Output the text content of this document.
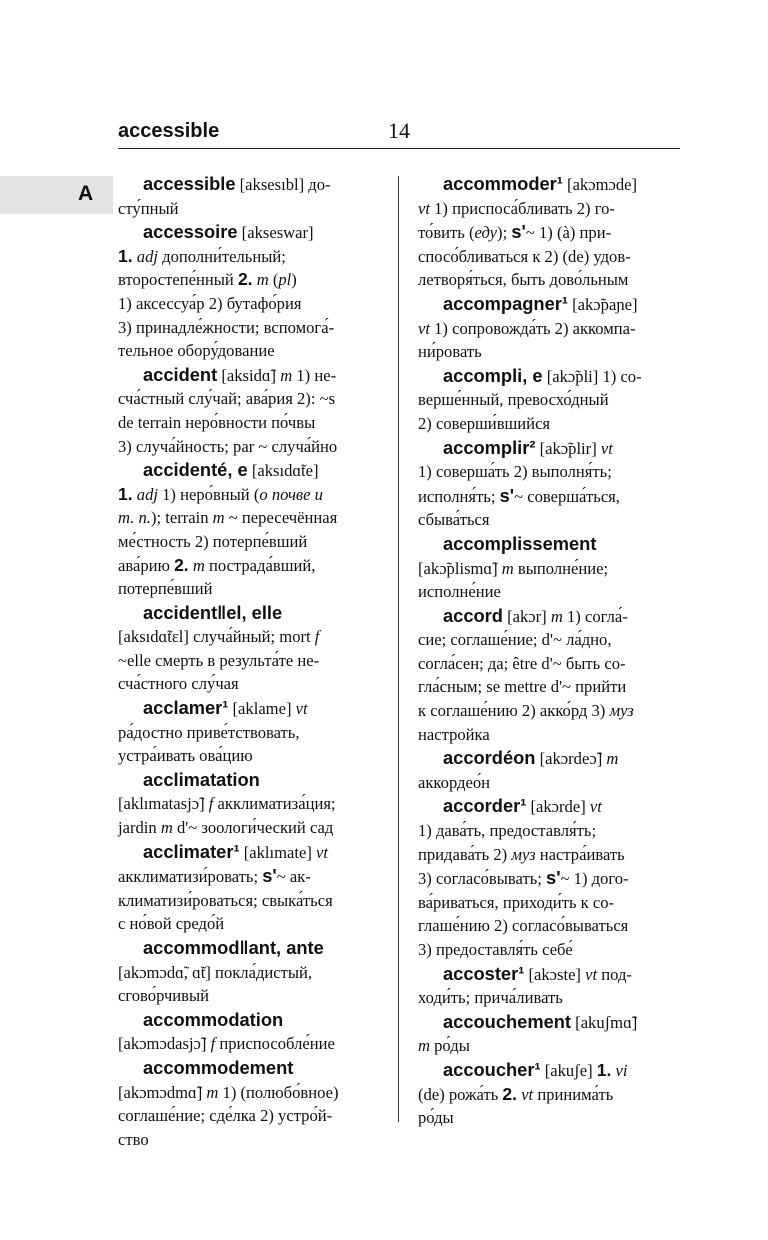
accessible	14
A	accessible [aksesıbl] до-
сту́пный
accessoire [akseswar]
1. adj дополни́тельный;
второстепе́нный 2. m (pl)
1) аксессуа́р 2) бутафо́рия
3) принадле́жности; вспомога́-
тельное обору́дование
accident [aksidɑ̃] m 1) не-
сча́стный слу́чай; ава́рия 2): ~s
de terrain неро́вности по́чвы
3) случа́йность; par ~ случа́йно
accidenté, e [aksıdɑ̃te]
1. adj 1) неро́вный (о почве и
т. п.); terrain m ~ пересечённая
ме́стность 2) потерпе́вший
ава́рию 2. m пострада́вший,
потерпе́вший
accident‖el, elle
[aksıdɑ̃tɛl] случа́йный; mort f
~elle смерть в результа́те не-
сча́стного слу́чая
acclamer¹ [aklame] vt
ра́достно приве́тствовать,
устра́ивать ова́цию
acclimatation
[aklımatasjɔ̃] f акклиматиза́ция;
jardin m d'~ зоологи́ческий сад
acclimater¹ [aklımate] vt
акклиматизи́ровать; s'~ ак-
климатизи́роваться; свыка́ться
с но́вой средо́й
accommod‖ant, ante
[akɔmɔdɑ̃, ɑ̃t] покла́дистый,
сгово́рчивый
accommodation
[akɔmɔdasjɔ̃] f приспособле́ние
accommodement
[akɔmɔdmɑ̃] m 1) (полюбо́вное)
соглаше́ние; сде́лка 2) устро́й-
ство
accommoder¹ [akɔmɔde]
vt 1) приспоса́бливать 2) го-
то́вить (еду); s'~ 1) (à) при-
спосо́бливаться к 2) (de) удов-
летворя́ться, быть дово́льным
accompagner¹ [akɔ̃paɲe]
vt 1) сопровожда́ть 2) аккомпа-
ни́ровать
accompli, e [akɔ̃pli] 1) со-
верше́нный, превосхо́дный
2) соверши́вшийся
accomplir² [akɔ̃plir] vt
1) соверша́ть 2) выполня́ть;
исполня́ть; s'~ соверша́ться,
сбыва́ться
accomplissement
[akɔ̃plismɑ̃] m выполне́ние;
исполне́ние
accord [akɔr] m 1) согла́-
сие; соглаше́ние; d'~ ла́дно,
согла́сен; да; être d'~ быть со-
гла́сным; se mettre d'~ прийти
к соглаше́нию 2) акко́рд 3) муз
настройка
accordéon [akɔrdeɔ̃] m
аккордео́н
accorder¹ [akɔrde] vt
1) дава́ть, предоставля́ть;
придава́ть 2) муз настра́ивать
3) согласо́вывать; s'~ 1) дого-
ва́риваться, приходи́ть к со-
глаше́нию 2) согласо́вываться
3) предоставля́ть себе́
accoster¹ [akɔste] vt под-
ходи́ть; прича́ливать
accouchement [akuʃmɑ̃]
m ро́ды
accoucher¹ [akuʃe] 1. vi
(de) рожа́ть 2. vt принима́ть
ро́ды
